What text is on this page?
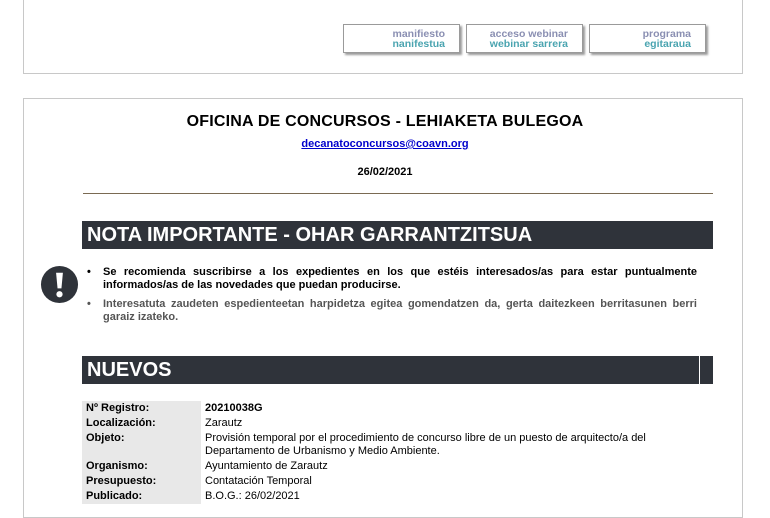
manifiesto
nanifestua
acceso webinar
webinar sarrera
programa
egitaraua
OFICINA DE CONCURSOS - LEHIAKETA BULEGOA
decanatoconcursos@coavn.org
26/02/2021
NOTA IMPORTANTE - OHAR GARRANTZITSUA
• Se recomienda suscribirse a los expedientes en los que estéis interesados/as para estar puntualmente informados/as de las novedades que puedan producirse.
• Interesatuta zaudeten espedienteetan harpidetza egitea gomendatzen da, gerta daitezkeen berritasunen berri garaiz izateko.
NUEVOS
Nº Registro:	20210038G
Localización:	Zarautz
Objeto:	Provisión temporal por el procedimiento de concurso libre de un puesto de arquitecto/a del Departamento de Urbanismo y Medio Ambiente.
Organismo:	Ayuntamiento de Zarautz
Presupuesto:	Contatación Temporal
Publicado:	B.O.G.: 26/02/2021
